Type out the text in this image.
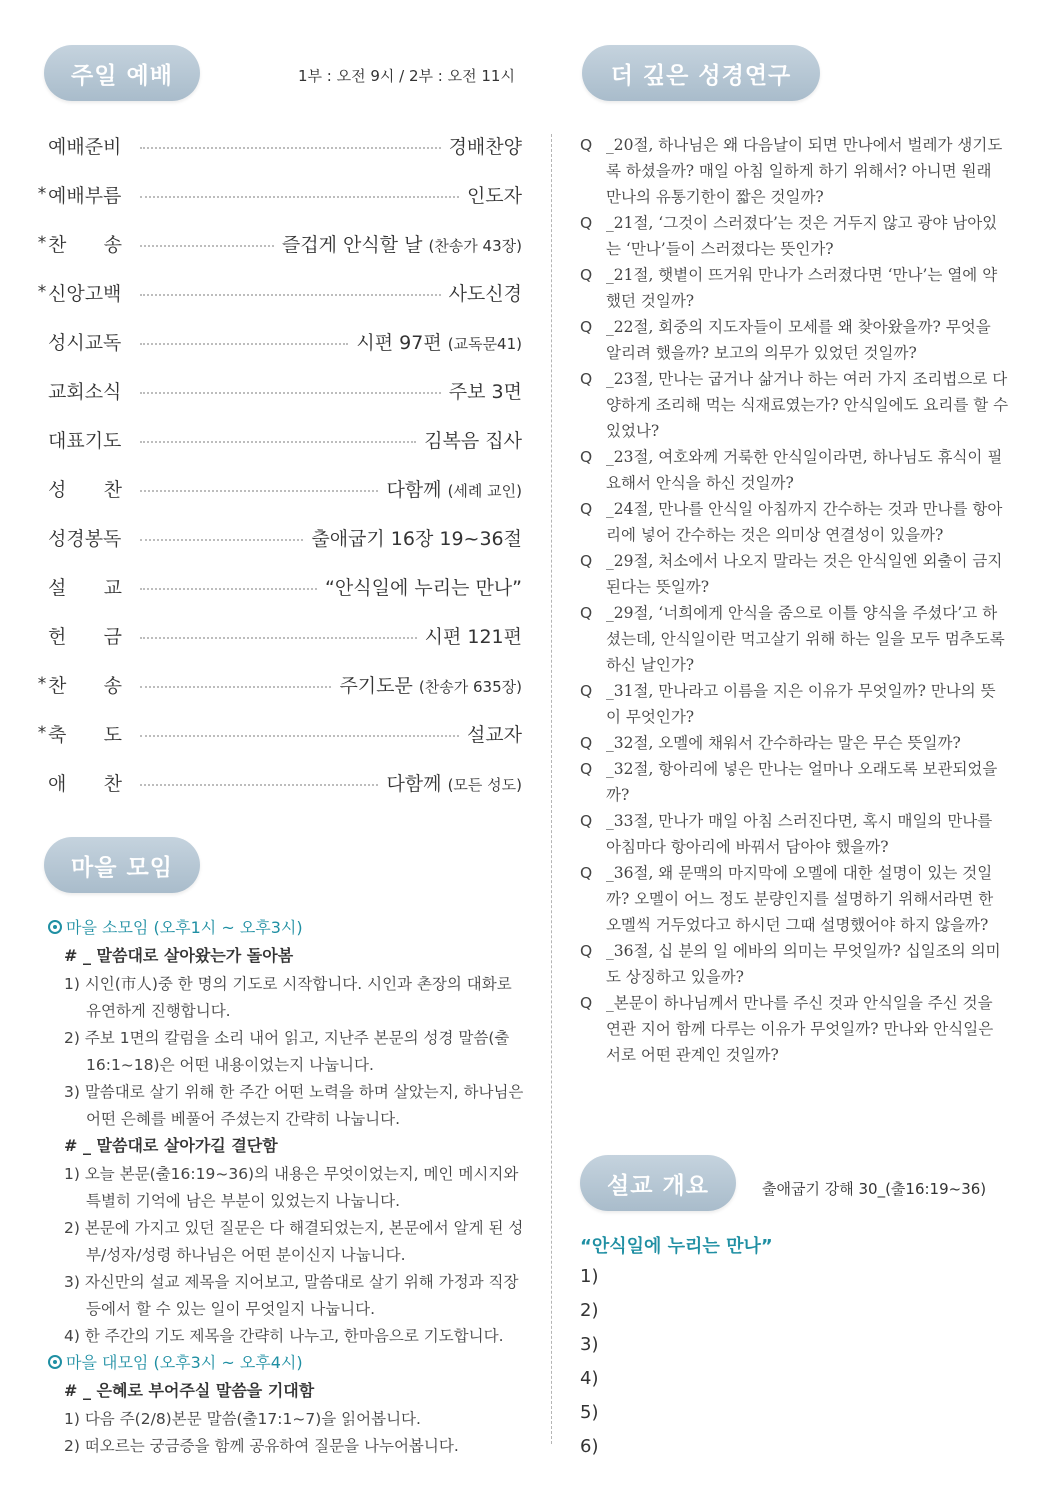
주일 예배	1부 : 오전 9시 / 2부 : 오전 11시
예배준비	경배찬양
* 예배부름	인도자
* 찬 송	즐겁게 안식할 날 (찬송가 43장)
* 신앙고백	사도신경
성시교독	시편 97편 (교독문41)
교회소식	주보 3면
대표기도	김복음 집사
성 찬	다함께 (세례 교인)
성경봉독	출애굽기 16장 19~36절
설 교	“안식일에 누리는 만나”
헌 금	시편 121편
* 찬 송	주기도문 (찬송가 635장)
* 축 도	설교자
애 찬	다함께 (모든 성도)
마을 모임
마을 소모임 (오후1시 ~ 오후3시)
# _ 말씀대로 살아왔는가 돌아봄
1) 시인(市人)중 한 명의 기도로 시작합니다. 시인과 촌장의 대화로 유연하게 진행합니다.
2) 주보 1면의 칼럼을 소리 내어 읽고, 지난주 본문의 성경 말씀(출16:1~18)은 어떤 내용이었는지 나눕니다.
3) 말씀대로 살기 위해 한 주간 어떤 노력을 하며 살았는지, 하나님은 어떤 은혜를 베풀어 주셨는지 간략히 나눕니다.
# _ 말씀대로 살아가길 결단함
1) 오늘 본문(출16:19~36)의 내용은 무엇이었는지, 메인 메시지와 특별히 기억에 남은 부분이 있었는지 나눕니다.
2) 본문에 가지고 있던 질문은 다 해결되었는지, 본문에서 알게 된 성부/성자/성령 하나님은 어떤 분이신지 나눕니다.
3) 자신만의 설교 제목을 지어보고, 말씀대로 살기 위해 가정과 직장 등에서 할 수 있는 일이 무엇일지 나눕니다.
4) 한 주간의 기도 제목을 간략히 나누고, 한마음으로 기도합니다.
마을 대모임 (오후3시 ~ 오후4시)
# _ 은혜로 부어주실 말씀을 기대함
1) 다음 주(2/8)본문 말씀(출17:1~7)을 읽어봅니다.
2) 떠오르는 궁금증을 함께 공유하여 질문을 나누어봅니다.
더 깊은 성경연구
Q _20절, 하나님은 왜 다음날이 되면 만나에서 벌레가 생기도록 하셨을까? 매일 아침 일하게 하기 위해서? 아니면 원래 만나의 유통기한이 짧은 것일까?
Q _21절, ‘그것이 스러졌다’는 것은 거두지 않고 광야 남아있는 ‘만나’들이 스러졌다는 뜻인가?
Q _21절, 햇볕이 뜨거워 만나가 스러졌다면 ‘만나’는 열에 약했던 것일까?
Q _22절, 회중의 지도자들이 모세를 왜 찾아왔을까? 무엇을 알리려 했을까? 보고의 의무가 있었던 것일까?
Q _23절, 만나는 굽거나 삶거나 하는 여러 가지 조리법으로 다양하게 조리해 먹는 식재료였는가? 안식일에도 요리를 할 수 있었나?
Q _23절, 여호와께 거룩한 안식일이라면, 하나님도 휴식이 필요해서 안식을 하신 것일까?
Q _24절, 만나를 안식일 아침까지 간수하는 것과 만나를 항아리에 넣어 간수하는 것은 의미상 연결성이 있을까?
Q _29절, 처소에서 나오지 말라는 것은 안식일엔 외출이 금지된다는 뜻일까?
Q _29절, ‘너희에게 안식을 줌으로 이틀 양식을 주셨다’고 하셨는데, 안식일이란 먹고살기 위해 하는 일을 모두 멈추도록 하신 날인가?
Q _31절, 만나라고 이름을 지은 이유가 무엇일까? 만나의 뜻이 무엇인가?
Q _32절, 오멜에 채워서 간수하라는 말은 무슨 뜻일까?
Q _32절, 항아리에 넣은 만나는 얼마나 오래도록 보관되었을까?
Q _33절, 만나가 매일 아침 스러진다면, 혹시 매일의 만나를 아침마다 항아리에 바꿔서 담아야 했을까?
Q _36절, 왜 문맥의 마지막에 오멜에 대한 설명이 있는 것일까? 오멜이 어느 정도 분량인지를 설명하기 위해서라면 한 오멜씩 거두었다고 하시던 그때 설명했어야 하지 않을까?
Q _36절, 십 분의 일 에바의 의미는 무엇일까? 십일조의 의미도 상징하고 있을까?
Q _본문이 하나님께서 만나를 주신 것과 안식일을 주신 것을 연관 지어 함께 다루는 이유가 무엇일까? 만나와 안식일은 서로 어떤 관계인 것일까?
설교 개요	출애굽기 강해 30_(출16:19~36)
“안식일에 누리는 만나”
1)
2)
3)
4)
5)
6)
